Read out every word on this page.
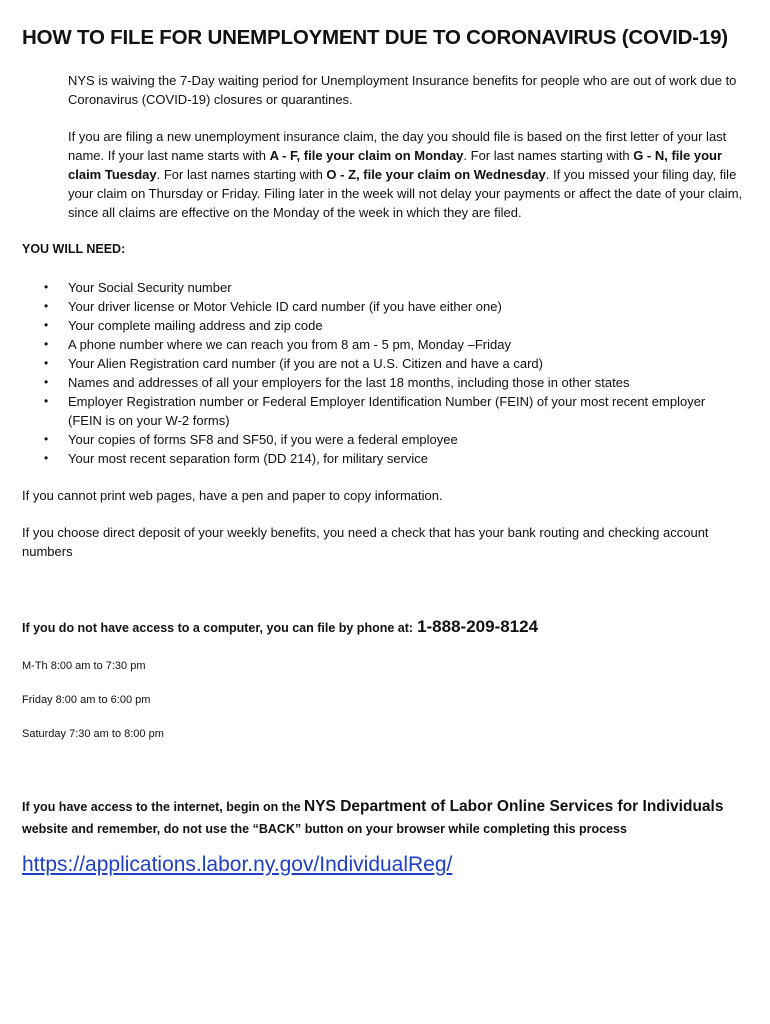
HOW TO FILE FOR UNEMPLOYMENT DUE TO CORONAVIRUS (COVID-19)

NYS is waiving the 7-Day waiting period for Unemployment Insurance benefits for people who are out of work due to Coronavirus (COVID-19) closures or quarantines.

If you are filing a new unemployment insurance claim, the day you should file is based on the first letter of your last name. If your last name starts with A - F, file your claim on Monday. For last names starting with G - N, file your claim Tuesday. For last names starting with O - Z, file your claim on Wednesday. If you missed your filing day, file your claim on Thursday or Friday. Filing later in the week will not delay your payments or affect the date of your claim, since all claims are effective on the Monday of the week in which they are filed.

YOU WILL NEED:

• Your Social Security number
• Your driver license or Motor Vehicle ID card number (if you have either one)
• Your complete mailing address and zip code
• A phone number where we can reach you from 8 am - 5 pm, Monday –Friday
• Your Alien Registration card number (if you are not a U.S. Citizen and have a card)
• Names and addresses of all your employers for the last 18 months, including those in other states
• Employer Registration number or Federal Employer Identification Number (FEIN) of your most recent employer (FEIN is on your W-2 forms)
• Your copies of forms SF8 and SF50, if you were a federal employee
• Your most recent separation form (DD 214), for military service

If you cannot print web pages, have a pen and paper to copy information.

If you choose direct deposit of your weekly benefits, you need a check that has your bank routing and checking account numbers

If you do not have access to a computer, you can file by phone at: 1-888-209-8124

M-Th 8:00 am to 7:30 pm

Friday 8:00 am to 6:00 pm

Saturday 7:30 am to 8:00 pm

If you have access to the internet, begin on the NYS Department of Labor Online Services for Individuals website and remember, do not use the “BACK” button on your browser while completing this process

https://applications.labor.ny.gov/IndividualReg/
